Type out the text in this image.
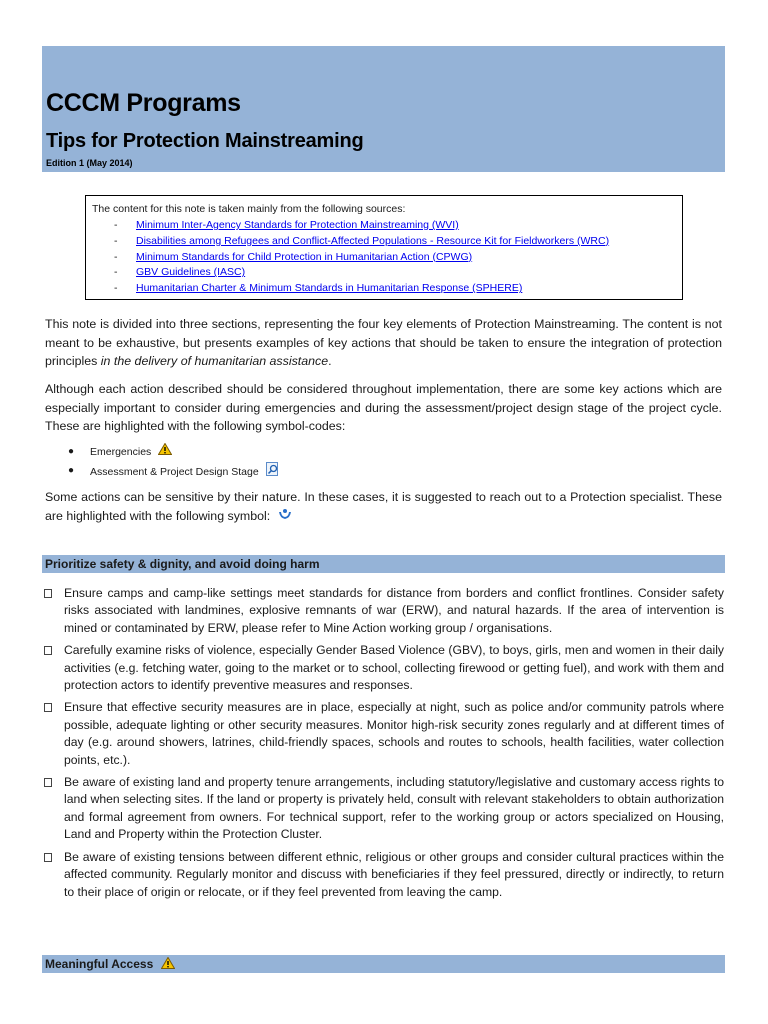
CCCM Programs
Tips for Protection Mainstreaming
Edition 1 (May 2014)

The content for this note is taken mainly from the following sources:

- Minimum Inter-Agency Standards for Protection Mainstreaming (WVI)
- Disabilities among Refugees and Conflict-Affected Populations - Resource Kit for Fieldworkers (WRC)
- Minimum Standards for Child Protection in Humanitarian Action (CPWG)
- GBV Guidelines (IASC)
- Humanitarian Charter & Minimum Standards in Humanitarian Response (SPHERE)

This note is divided into three sections, representing the four key elements of Protection Mainstreaming. The content is not meant to be exhaustive, but presents examples of key actions that should be taken to ensure the integration of protection principles in the delivery of humanitarian assistance.

Although each action described should be considered throughout implementation, there are some key actions which are especially important to consider during emergencies and during the assessment/project design stage of the project cycle. These are highlighted with the following symbol-codes:

● Emergencies
● Assessment & Project Design Stage

Some actions can be sensitive by their nature. In these cases, it is suggested to reach out to a Protection specialist. These are highlighted with the following symbol:

Prioritize safety & dignity, and avoid doing harm
Ensure camps and camp-like settings meet standards for distance from borders and conflict frontlines. Consider safety risks associated with landmines, explosive remnants of war (ERW), and natural hazards. If the area of intervention is mined or contaminated by ERW, please refer to Mine Action working group / organisations.
Carefully examine risks of violence, especially Gender Based Violence (GBV), to boys, girls, men and women in their daily activities (e.g. fetching water, going to the market or to school, collecting firewood or getting fuel), and work with them and protection actors to identify preventive measures and responses.
Ensure that effective security measures are in place, especially at night, such as police and/or community patrols where possible, adequate lighting or other security measures. Monitor high-risk security zones regularly and at different times of day (e.g. around showers, latrines, child-friendly spaces, schools and routes to schools, health facilities, water collection points, etc.).
Be aware of existing land and property tenure arrangements, including statutory/legislative and customary access rights to land when selecting sites. If the land or property is privately held, consult with relevant stakeholders to obtain authorization and formal agreement from owners. For technical support, refer to the working group or actors specialized on Housing, Land and Property within the Protection Cluster.
Be aware of existing tensions between different ethnic, religious or other groups and consider cultural practices within the affected community. Regularly monitor and discuss with beneficiaries if they feel pressured, directly or indirectly, to return to their place of origin or relocate, or if they feel prevented from leaving the camp.
Meaningful Access
